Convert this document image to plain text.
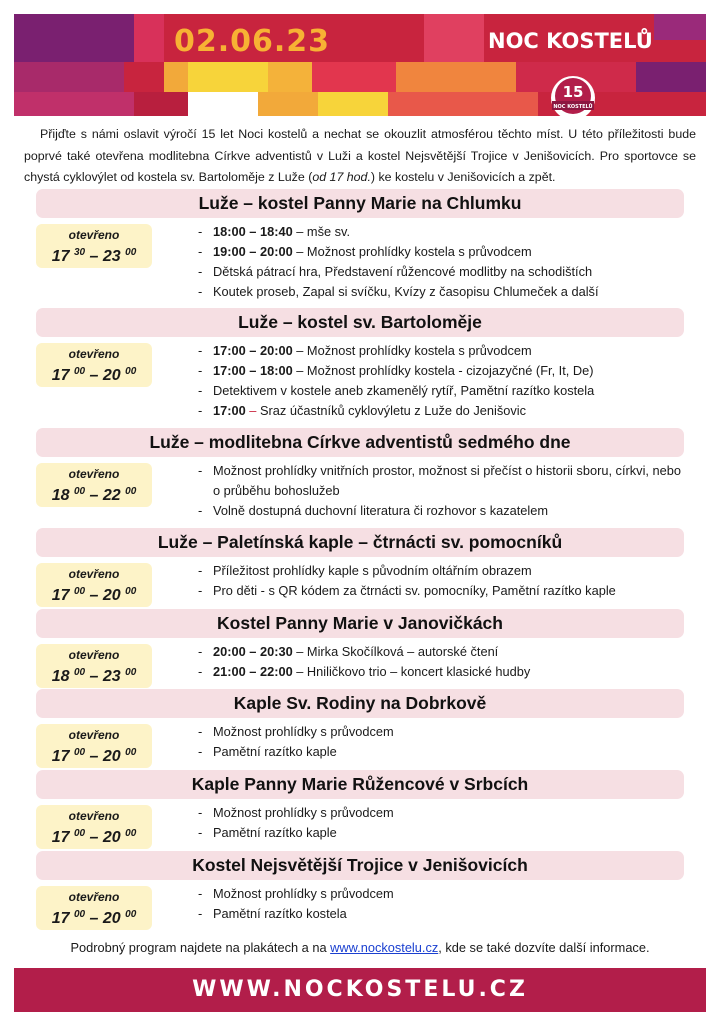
02.06.23	NOC KOSTELŮ
15
NOC KOSTELŮ

Přijďte s námi oslavit výročí 15 let Noci kostelů a nechat se okouzlit atmosférou těchto míst. U této příležitosti bude poprvé také otevřena modlitebna Církve adventistů v Luži a kostel Nejsvětější Trojice v Jenišovicích. Pro sportovce se chystá cyklovýlet od kostela sv. Bartoloměje z Luže (od 17 hod.) ke kostelu v Jenišovicích a zpět.

Luže – kostel Panny Marie na Chlumku
otevřeno
17 $^{30}$ – 23 $^{00}$
- 18:00 – 18:40 – mše sv.
- 19:00 – 20:00 – Možnost prohlídky kostela s průvodcem
- Dětská pátrací hra, Představení růžencové modlitby na schodištích
- Koutek proseb, Zapal si svíčku, Kvízy z časopisu Chlumeček a další
Luže – kostel sv. Bartoloměje
otevřeno
17 $^{00}$ – 20 $^{00}$
- 17:00 – 20:00 – Možnost prohlídky kostela s průvodcem
- 17:00 – 18:00 – Možnost prohlídky kostela - cizojazyčné (Fr, It, De)
- Detektivem v kostele aneb zkamenělý rytíř, Pamětní razítko kostela
- 17:00 – Sraz účastníků cyklovýletu z Luže do Jenišovic
Luže – modlitebna Církve adventistů sedmého dne
otevřeno
18 $^{00}$ – 22 $^{00}$
- Možnost prohlídky vnitřních prostor, možnost si přečíst o historii sboru, církvi, nebo o průběhu bohoslužeb
- Volně dostupná duchovní literatura či rozhovor s kazatelem
Luže – Paletínská kaple – čtrnácti sv. pomocníků
otevřeno
17 $^{00}$ – 20 $^{00}$
- Příležitost prohlídky kaple s původním oltářním obrazem
- Pro děti - s QR kódem za čtrnácti sv. pomocníky, Pamětní razítko kaple
Kostel Panny Marie v Janovičkách
otevřeno
18 $^{00}$ – 23 $^{00}$
- 20:00 – 20:30 – Mirka Skočílková – autorské čtení
- 21:00 – 22:00 – Hniličkovo trio – koncert klasické hudby
Kaple Sv. Rodiny na Dobrkově
otevřeno
17 $^{00}$ – 20 $^{00}$
- Možnost prohlídky s průvodcem
- Pamětní razítko kaple
Kaple Panny Marie Růžencové v Srbcích
otevřeno
17 $^{00}$ – 20 $^{00}$
- Možnost prohlídky s průvodcem
- Pamětní razítko kaple
Kostel Nejsvětější Trojice v Jenišovicích
otevřeno
17 $^{00}$ – 20 $^{00}$
- Možnost prohlídky s průvodcem
- Pamětní razítko kostela
Podrobný program najdete na plakátech a na www.nockostelu.cz, kde se také dozvíte další informace.
WWW.NOCKOSTELU.CZ
